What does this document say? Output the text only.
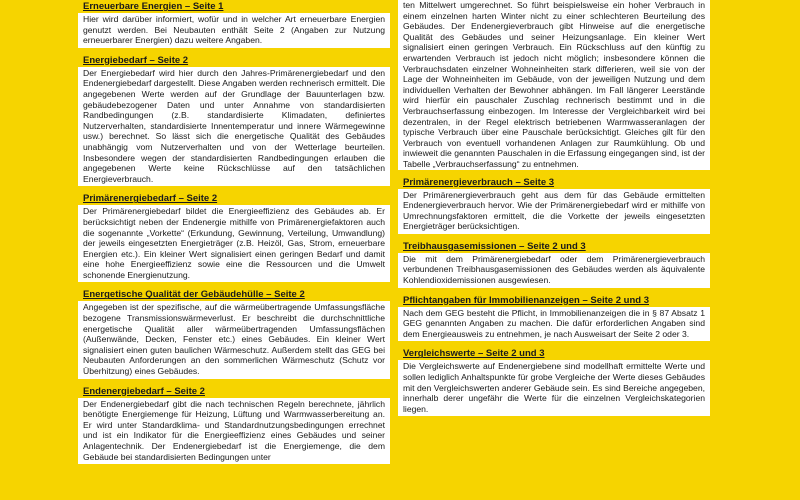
Erneuerbare Energien – Seite 1
Hier wird darüber informiert, wofür und in welcher Art erneuerbare Energien genutzt werden. Bei Neubauten enthält Seite 2 (Angaben zur Nutzung erneuerbarer Energien) dazu weitere Angaben.
Energiebedarf – Seite 2
Der Energiebedarf wird hier durch den Jahres-Primärenergiebedarf und den Endenergiebedarf dargestellt. Diese Angaben werden rechnerisch ermittelt. Die angegebenen Werte werden auf der Grundlage der Bauunterlagen bzw. gebäudebezogener Daten und unter Annahme von standardisierten Randbedingungen (z.B. standardisierte Klimadaten, definiertes Nutzerverhalten, standardisierte Innentemperatur und innere Wärmegewinne usw.) berechnet. So lässt sich die energetische Qualität des Gebäudes unabhängig vom Nutzerverhalten und von der Wetterlage beurteilen. Insbesondere wegen der standardisierten Randbedingungen erlauben die angegebenen Werte keine Rückschlüsse auf den tatsächlichen Energieverbrauch.
Primärenergiebedarf – Seite 2
Der Primärenergiebedarf bildet die Energieeffizienz des Gebäudes ab. Er berücksichtigt neben der Endenergie mithilfe von Primärenergiefaktoren auch die sogenannte „Vorkette“ (Erkundung, Gewinnung, Verteilung, Umwandlung) der jeweils eingesetzten Energieträger (z.B. Heizöl, Gas, Strom, erneuerbare Energien etc.). Ein kleiner Wert signalisiert einen geringen Bedarf und damit eine hohe Energieeffizienz sowie eine die Ressourcen und die Umwelt schonende Energienutzung.
Energetische Qualität der Gebäudehülle – Seite 2
Angegeben ist der spezifische, auf die wärmeübertragende Umfassungsfläche bezogene Transmissionswärmeverlust. Er beschreibt die durchschnittliche energetische Qualität aller wärmeübertragenden Umfassungsflächen (Außenwände, Decken, Fenster etc.) eines Gebäudes. Ein kleiner Wert signalisiert einen guten baulichen Wärmeschutz. Außerdem stellt das GEG bei Neubauten Anforderungen an den sommerlichen Wärmeschutz (Schutz vor Überhitzung) eines Gebäudes.
Endenergiebedarf – Seite 2
Der Endenergiebedarf gibt die nach technischen Regeln berechnete, jährlich benötigte Energiemenge für Heizung, Lüftung und Warmwasserbereitung an. Er wird unter Standardklima- und Standardnutzungsbedingungen errechnet und ist ein Indikator für die Energieeffizienz eines Gebäudes und seiner Anlagentechnik. Der Endenergiebedarf ist die Energiemenge, die dem Gebäude bei standardisierten Bedingungen unter
ten Mittelwert umgerechnet. So führt beispielsweise ein hoher Verbrauch in einem einzelnen harten Winter nicht zu einer schlechteren Beurteilung des Gebäudes. Der Endenergieverbrauch gibt Hinweise auf die energetische Qualität des Gebäudes und seiner Heizungsanlage. Ein kleiner Wert signalisiert einen geringen Verbrauch. Ein Rückschluss auf den künftig zu erwartenden Verbrauch ist jedoch nicht möglich; insbesondere können die Verbrauchsdaten einzelner Wohneinheiten stark differieren, weil sie von der Lage der Wohneinheiten im Gebäude, von der jeweiligen Nutzung und dem individuellen Verhalten der Bewohner abhängen. Im Fall längerer Leerstände wird hierfür ein pauschaler Zuschlag rechnerisch bestimmt und in die Verbrauchserfassung einbezogen. Im Interesse der Vergleichbarkeit wird bei dezentralen, in der Regel elektrisch betriebenen Warmwasseranlagen der typische Verbrauch über eine Pauschale berücksichtigt. Gleiches gilt für den Verbrauch von eventuell vorhandenen Anlagen zur Raumkühlung. Ob und inwieweit die genannten Pauschalen in die Erfassung eingegangen sind, ist der Tabelle „Verbrauchserfassung“ zu entnehmen.
Primärenergieverbrauch – Seite 3
Der Primärenergieverbrauch geht aus dem für das Gebäude ermittelten Endenergieverbrauch hervor. Wie der Primärenergiebedarf wird er mithilfe von Umrechnungsfaktoren ermittelt, die die Vorkette der jeweils eingesetzten Energieträger berücksichtigen.
Treibhausgasemissionen – Seite 2 und 3
Die mit dem Primärenergiebedarf oder dem Primärenergieverbrauch verbundenen Treibhausgasemissionen des Gebäudes werden als äquivalente Kohlendioxidemissionen ausgewiesen.
Pflichtangaben für Immobilienanzeigen – Seite 2 und 3
Nach dem GEG besteht die Pflicht, in Immobilienanzeigen die in § 87 Absatz 1 GEG genannten Angaben zu machen. Die dafür erforderlichen Angaben sind dem Energieausweis zu entnehmen, je nach Ausweisart der Seite 2 oder 3.
Vergleichswerte – Seite 2 und 3
Die Vergleichswerte auf Endenergiebene sind modellhaft ermittelte Werte und sollen lediglich Anhaltspunkte für grobe Vergleiche der Werte dieses Gebäudes mit den Vergleichswerten anderer Gebäude sein. Es sind Bereiche angegeben, innerhalb derer ungefähr die Werte für die einzelnen Vergleichskategorien liegen.
